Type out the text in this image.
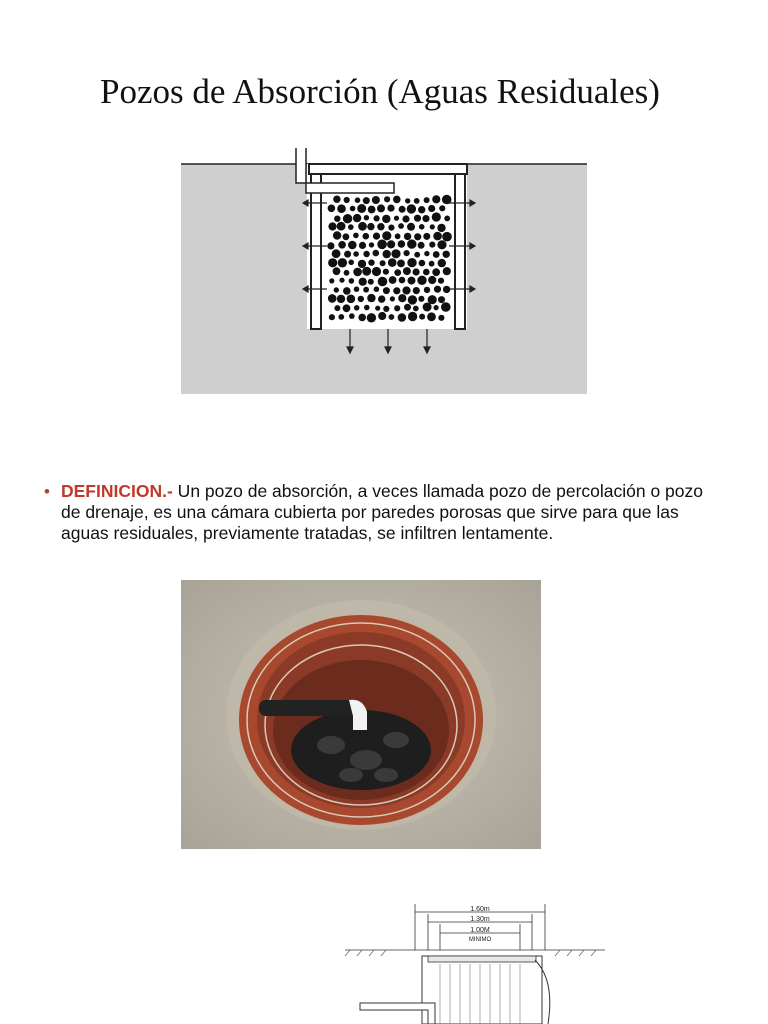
Pozos de Absorción (Aguas Residuales)
• DEFINICION.- Un pozo de absorción, a veces llamada pozo de percolación o pozo de drenaje, es una cámara cubierta por paredes porosas que sirve para que las aguas residuales, previamente tratadas, se infiltren lentamente.
1.60m
1.30m
1.00M
MINIMO
